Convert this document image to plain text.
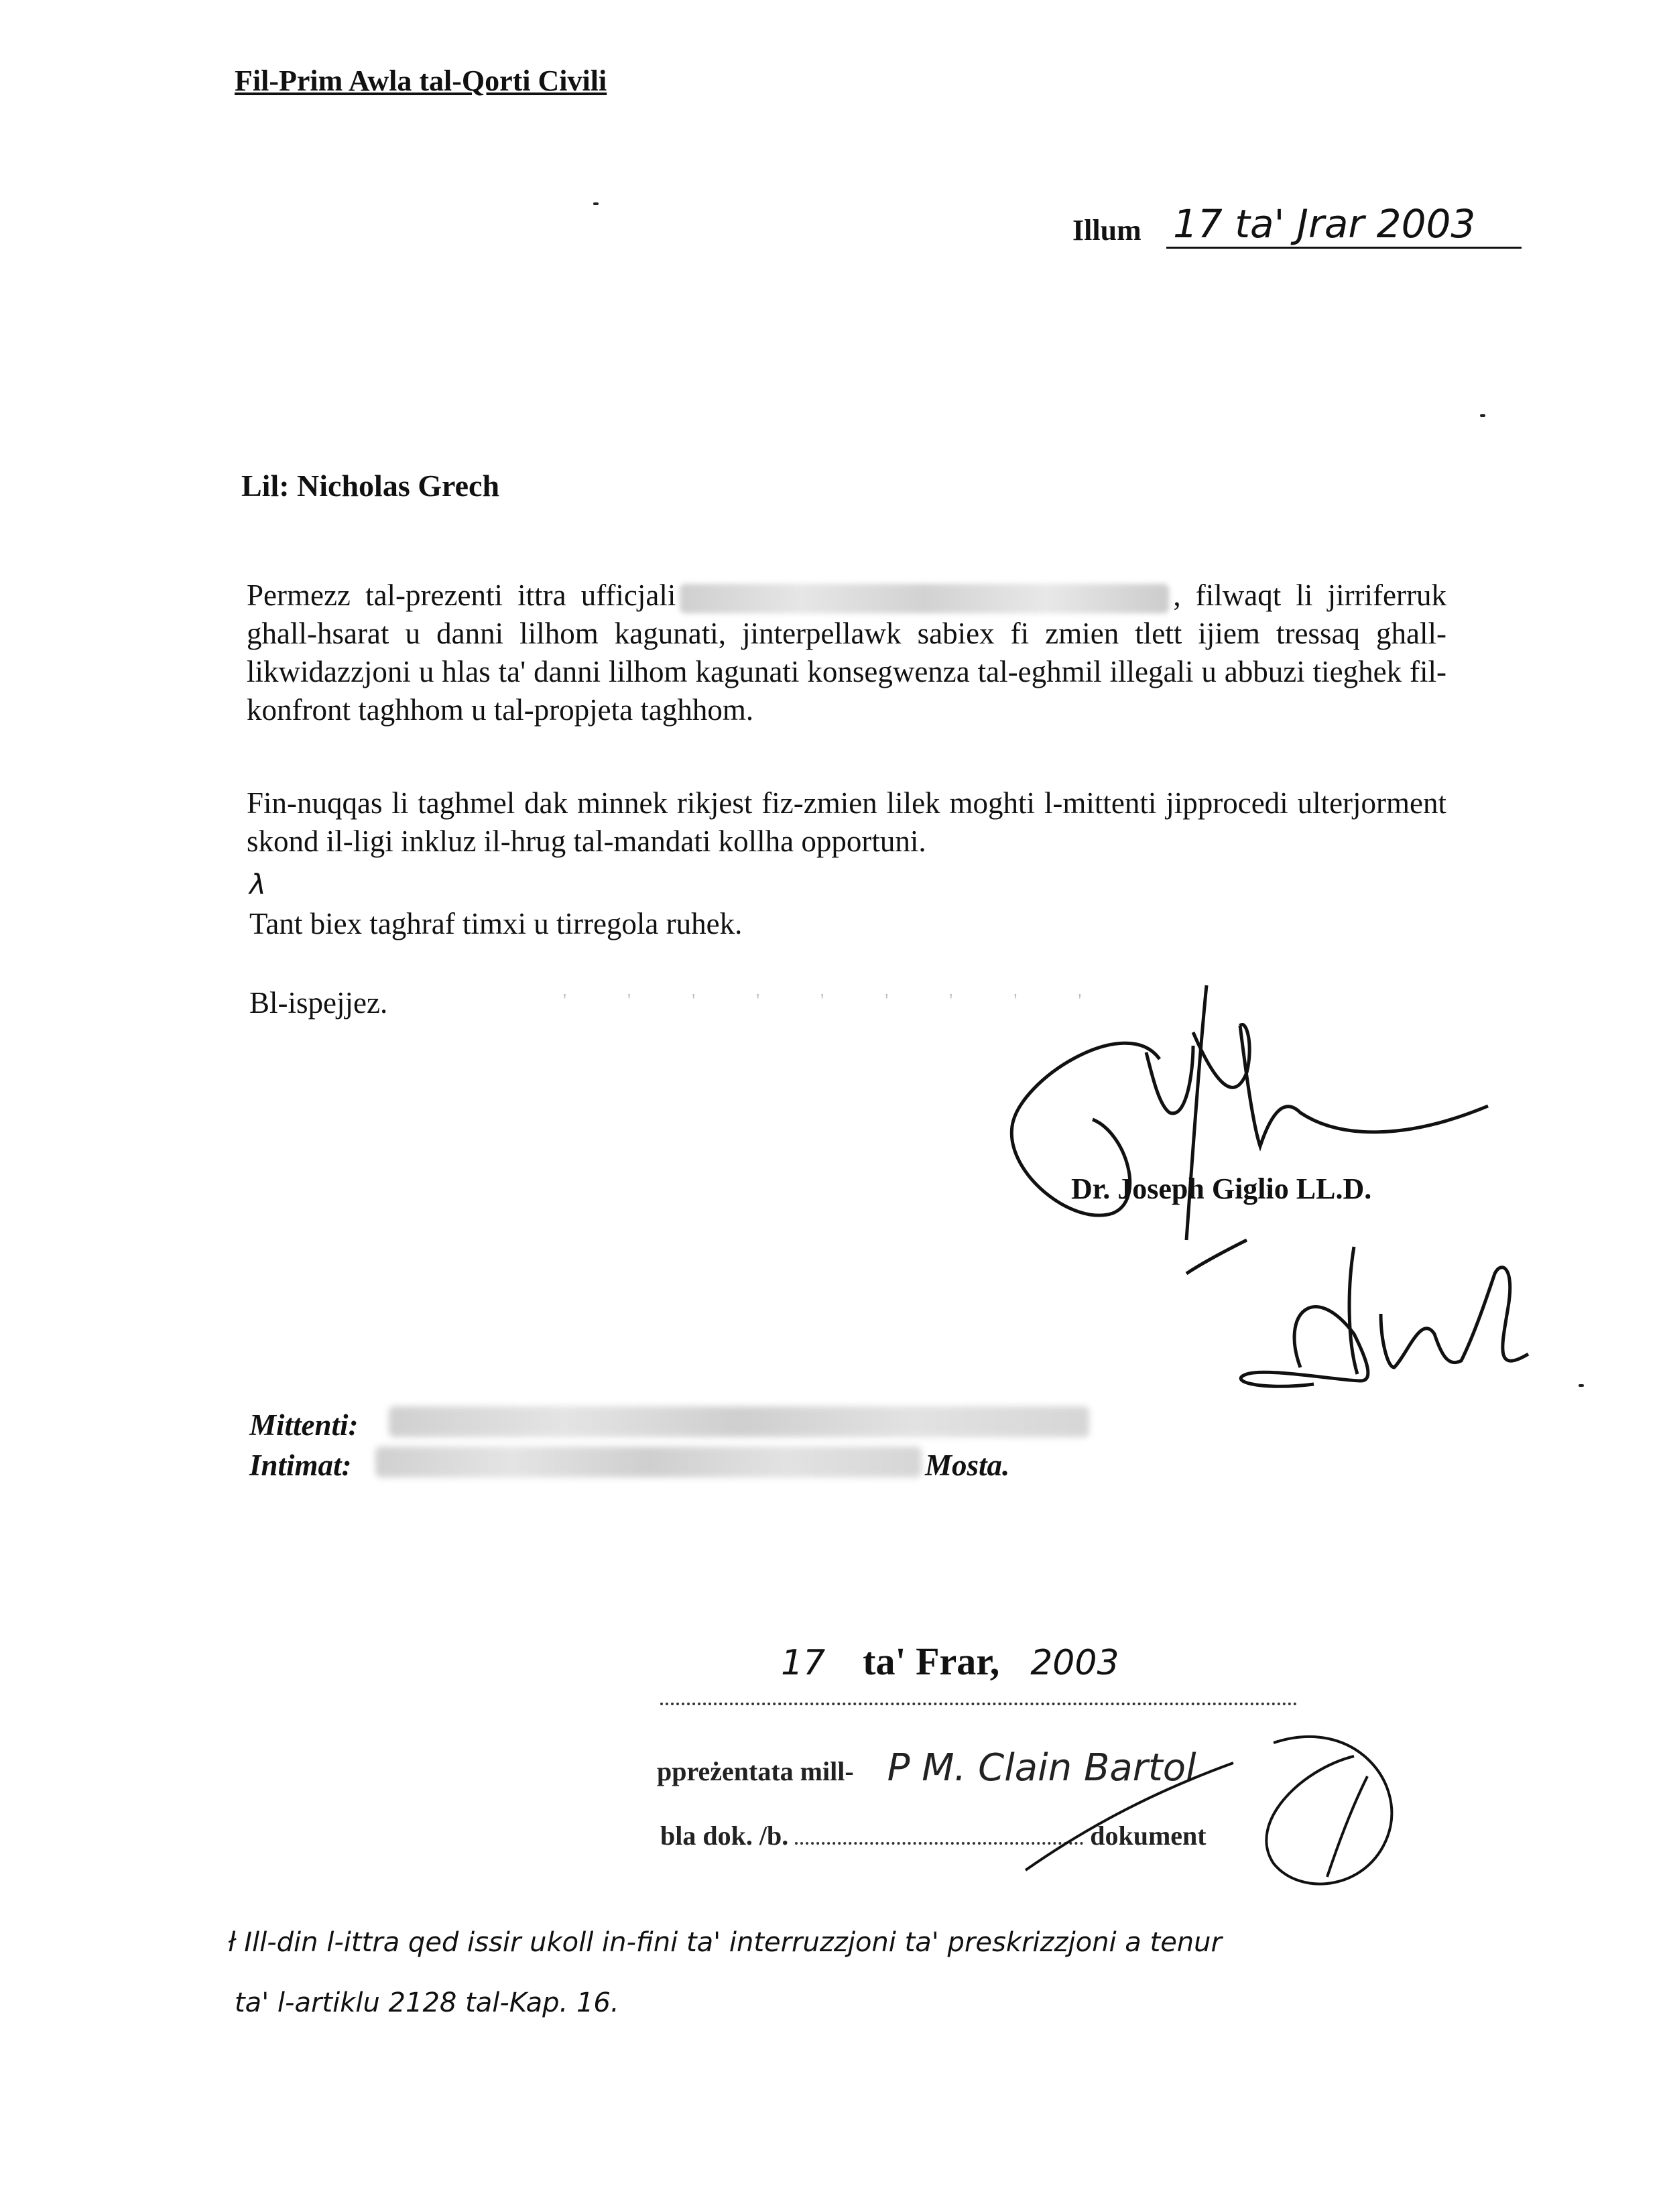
Fil-Prim Awla tal-Qorti Civili
Illum 17 ta' Jrar 2003
Lil: Nicholas Grech
Permezz tal-prezenti ittra ufficjali	, filwaqt li jirriferruk ghall-hsarat u danni lilhom kagunati, jinterpellawk sabiex fi zmien tlett ijiem tressaq ghall-likwidazzjoni u hlas ta' danni lilhom kagunati konsegwenza tal-eghmil illegali u abbuzi tieghek fil-konfront taghhom u tal-propjeta taghhom.
Fin-nuqqas li taghmel dak minnek rikjest fiz-zmien lilek moghti l-mittenti jipprocedi ulterjorment skond il-ligi inkluz il-hrug tal-mandati kollha opportuni.
λ
Tant biex taghraf timxi u tirregola ruhek.
Bl-ispejjez.	' ' ' ' ' ' ' ' '
Dr. Joseph Giglio LL.D.
Mittenti:
Intimat:	Mosta.
17 ta' Frar, 2003
ppreżentata mill- P M. Clain Bartol
bla dok. /b.	dokument
ł Ill-din l-ittra qed issir ukoll in-fini ta' interruzzjoni ta' preskrizzjoni a tenur
ta' l-artiklu 2128 tal-Kap. 16.
